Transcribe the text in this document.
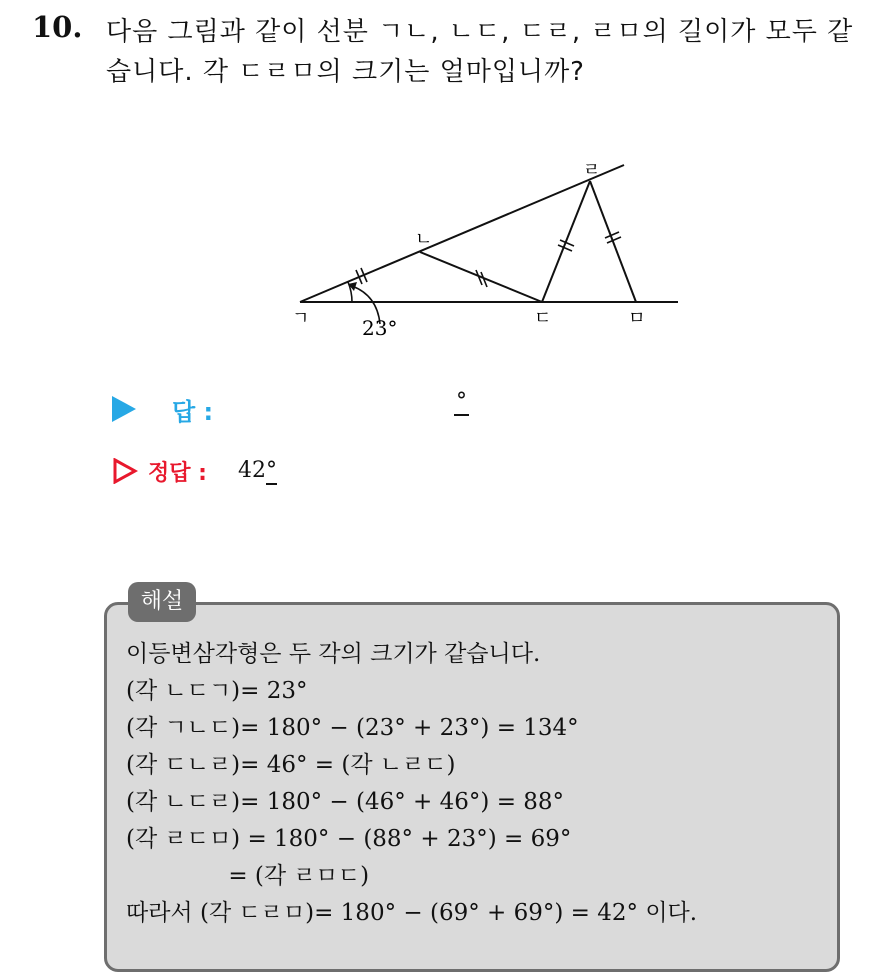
10. 다음 그림과 같이 선분 ㄱㄴ, ㄴㄷ, ㄷㄹ, ㄹㅁ의 길이가 모두 같습니다. 각 ㄷㄹㅁ의 크기는 얼마입니까?
ㄱ
ㄴ
ㄷ
ㄹ
ㅁ
23°
답 :	°
정답 : 42°
해설
이등변삼각형은 두 각의 크기가 같습니다.
(각 ㄴㄷㄱ)= 23°
(각 ㄱㄴㄷ)= 180° − (23° + 23°) = 134°
(각 ㄷㄴㄹ)= 46° = (각 ㄴㄹㄷ)
(각 ㄴㄷㄹ)= 180° − (46° + 46°) = 88°
(각 ㄹㄷㅁ) = 180° − (88° + 23°) = 69°
= (각 ㄹㅁㄷ)
따라서 (각 ㄷㄹㅁ)= 180° − (69° + 69°) = 42° 이다.
